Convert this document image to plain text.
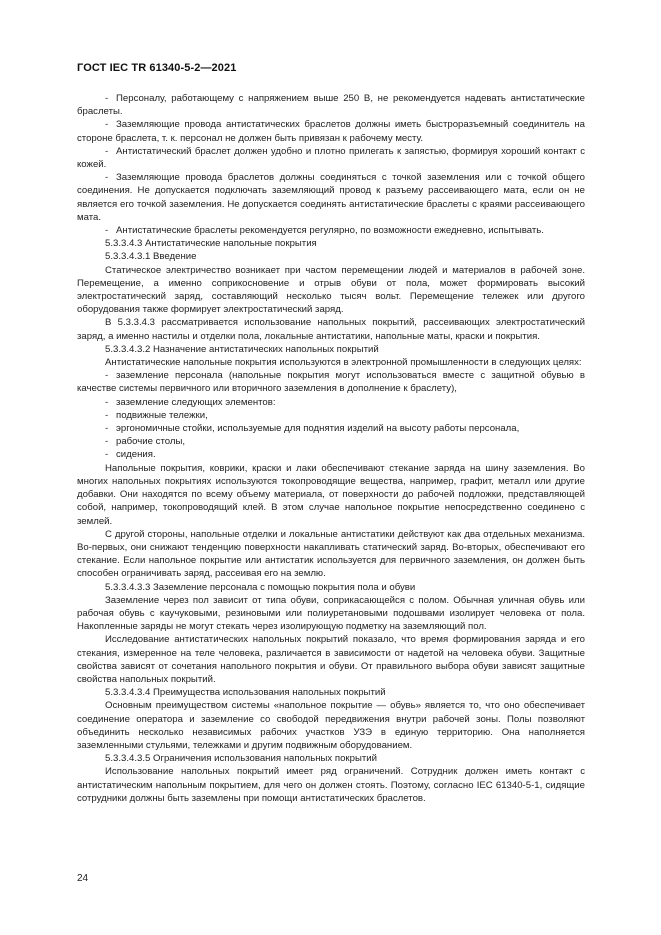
ГОСТ IEC TR 61340-5-2—2021

- Персоналу, работающему с напряжением выше 250 В, не рекомендуется надевать антистатические браслеты.

- Заземляющие провода антистатических браслетов должны иметь быстроразъемный соединитель на стороне браслета, т. к. персонал не должен быть привязан к рабочему месту.

- Антистатический браслет должен удобно и плотно прилегать к запястью, формируя хороший контакт с кожей.

- Заземляющие провода браслетов должны соединяться с точкой заземления или с точкой общего соединения. Не допускается подключать заземляющий провод к разъему рассеивающего мата, если он не является его точкой заземления. Не допускается соединять антистатические браслеты с краями рассеивающего мата.

- Антистатические браслеты рекомендуется регулярно, по возможности ежедневно, испытывать.

5.3.3.4.3 Антистатические напольные покрытия

5.3.3.4.3.1 Введение

Статическое электричество возникает при частом перемещении людей и материалов в рабочей зоне. Перемещение, а именно соприкосновение и отрыв обуви от пола, может формировать высокий электростатический заряд, составляющий несколько тысяч вольт. Перемещение тележек или другого оборудования также формирует электростатический заряд.

В 5.3.3.4.3 рассматривается использование напольных покрытий, рассеивающих электростатический заряд, а именно настилы и отделки пола, локальные антистатики, напольные маты, краски и покрытия.

5.3.3.4.3.2 Назначение антистатических напольных покрытий

Антистатические напольные покрытия используются в электронной промышленности в следующих целях:

- заземление персонала (напольные покрытия могут использоваться вместе с защитной обувью в качестве системы первичного или вторичного заземления в дополнение к браслету),

- заземление следующих элементов:

- подвижные тележки,

- эргономичные стойки, используемые для поднятия изделий на высоту работы персонала,

- рабочие столы,

- сидения.

Напольные покрытия, коврики, краски и лаки обеспечивают стекание заряда на шину заземления. Во многих напольных покрытиях используются токопроводящие вещества, например, графит, металл или другие добавки. Они находятся по всему объему материала, от поверхности до рабочей подложки, представляющей собой, например, токопроводящий клей. В этом случае напольное покрытие непосредственно соединено с землей.

С другой стороны, напольные отделки и локальные антистатики действуют как два отдельных механизма. Во-первых, они снижают тенденцию поверхности накапливать статический заряд. Во-вторых, обеспечивают его стекание. Если напольное покрытие или антистатик используется для первичного заземления, он должен быть способен ограничивать заряд, рассеивая его на землю.

5.3.3.4.3.3 Заземление персонала с помощью покрытия пола и обуви

Заземление через пол зависит от типа обуви, соприкасающейся с полом. Обычная уличная обувь или рабочая обувь с каучуковыми, резиновыми или полиуретановыми подошвами изолирует человека от пола. Накопленные заряды не могут стекать через изолирующую подметку на заземляющий пол.

Исследование антистатических напольных покрытий показало, что время формирования заряда и его стекания, измеренное на теле человека, различается в зависимости от надетой на человека обуви. Защитные свойства зависят от сочетания напольного покрытия и обуви. От правильного выбора обуви зависят защитные свойства напольных покрытий.

5.3.3.4.3.4 Преимущества использования напольных покрытий

Основным преимуществом системы «напольное покрытие — обувь» является то, что оно обеспечивает соединение оператора и заземление со свободой передвижения внутри рабочей зоны. Полы позволяют объединить несколько независимых рабочих участков УЗЭ в единую территорию. Она наполняется заземленными стульями, тележками и другим подвижным оборудованием.

5.3.3.4.3.5 Ограничения использования напольных покрытий

Использование напольных покрытий имеет ряд ограничений. Сотрудник должен иметь контакт с антистатическим напольным покрытием, для чего он должен стоять. Поэтому, согласно IEC 61340-5-1, сидящие сотрудники должны быть заземлены при помощи антистатических браслетов.

24
